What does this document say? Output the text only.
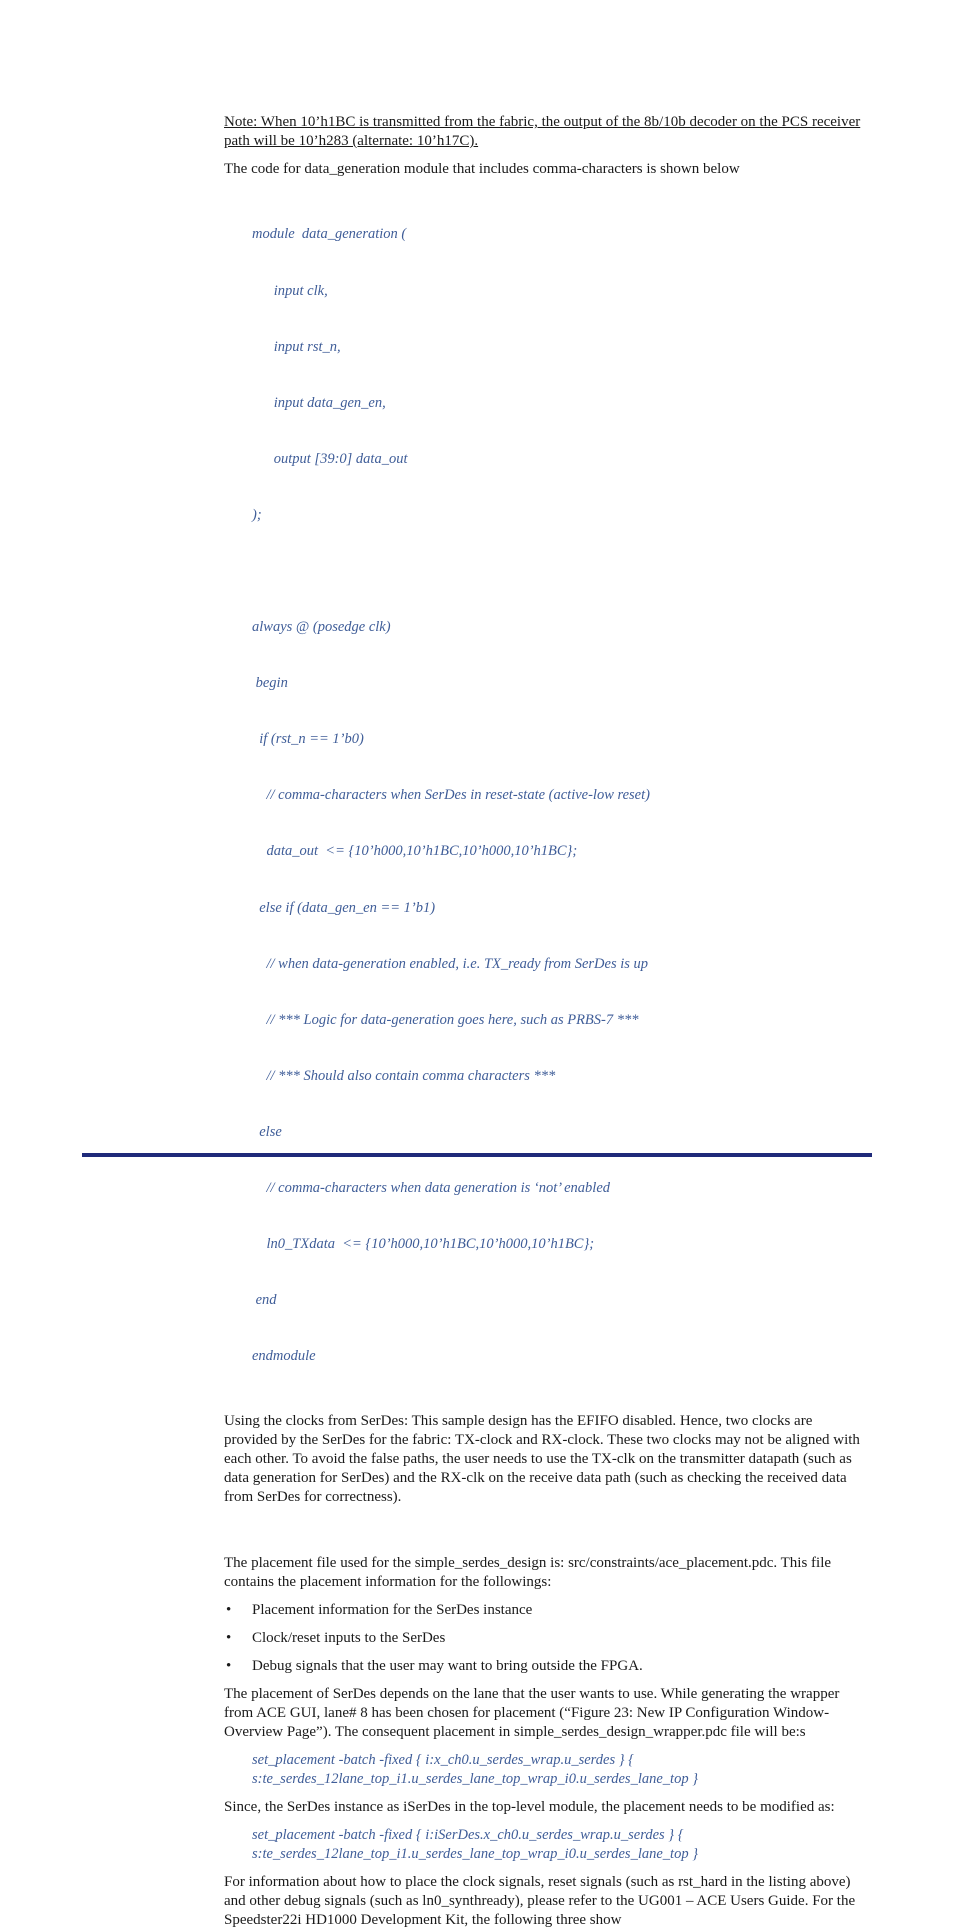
Note: When 10’h1BC is transmitted from the fabric, the output of the 8b/10b decoder on the PCS receiver path will be 10’h283 (alternate: 10’h17C).

The code for data_generation module that includes comma-characters is shown below

module  data_generation (

input clk,

input rst_n,

input data_gen_en,

output [39:0] data_out

);

always @ (posedge clk)

begin

if (rst_n == 1’b0)

// comma-characters when SerDes in reset-state (active-low reset)

data_out  <= {10’h000,10’h1BC,10’h000,10’h1BC};

else if (data_gen_en == 1’b1)

// when data-generation enabled, i.e. TX_ready from SerDes is up

// *** Logic for data-generation goes here, such as PRBS-7 ***

// *** Should also contain comma characters ***

else

// comma-characters when data generation is ‘not’ enabled

ln0_TXdata  <= {10’h000,10’h1BC,10’h000,10’h1BC};

end

endmodule

Using the clocks from SerDes: This sample design has the EFIFO disabled. Hence, two clocks are provided by the SerDes for the fabric: TX-clock and RX-clock. These two clocks may not be aligned with each other. To avoid the false paths, the user needs to use the TX-clk on the transmitter datapath (such as data generation for SerDes) and the RX-clk on the receive data path (such as checking the received data from SerDes for correctness).

The placement file used for the simple_serdes_design is: src/constraints/ace_placement.pdc. This file contains the placement information for the followings:

• Placement information for the SerDes instance
• Clock/reset inputs to the SerDes
• Debug signals that the user may want to bring outside the FPGA.

The placement of SerDes depends on the lane that the user wants to use. While generating the wrapper from ACE GUI, lane# 8 has been chosen for placement (“Figure 23: New IP Configuration Window- Overview Page”). The consequent placement in simple_serdes_design_wrapper.pdc file will be:s

set_placement -batch -fixed { i:x_ch0.u_serdes_wrap.u_serdes } {
s:te_serdes_12lane_top_i1.u_serdes_lane_top_wrap_i0.u_serdes_lane_top }

Since, the SerDes instance as iSerDes in the top-level module, the placement needs to be modified as:

set_placement -batch -fixed { i:iSerDes.x_ch0.u_serdes_wrap.u_serdes } {
s:te_serdes_12lane_top_i1.u_serdes_lane_top_wrap_i0.u_serdes_lane_top }

For information about how to place the clock signals, reset signals (such as rst_hard in the listing above) and other debug signals (such as ln0_synthready), please refer to the UG001 – ACE Users Guide. For the Speedster22i HD1000 Development Kit, the following three show
